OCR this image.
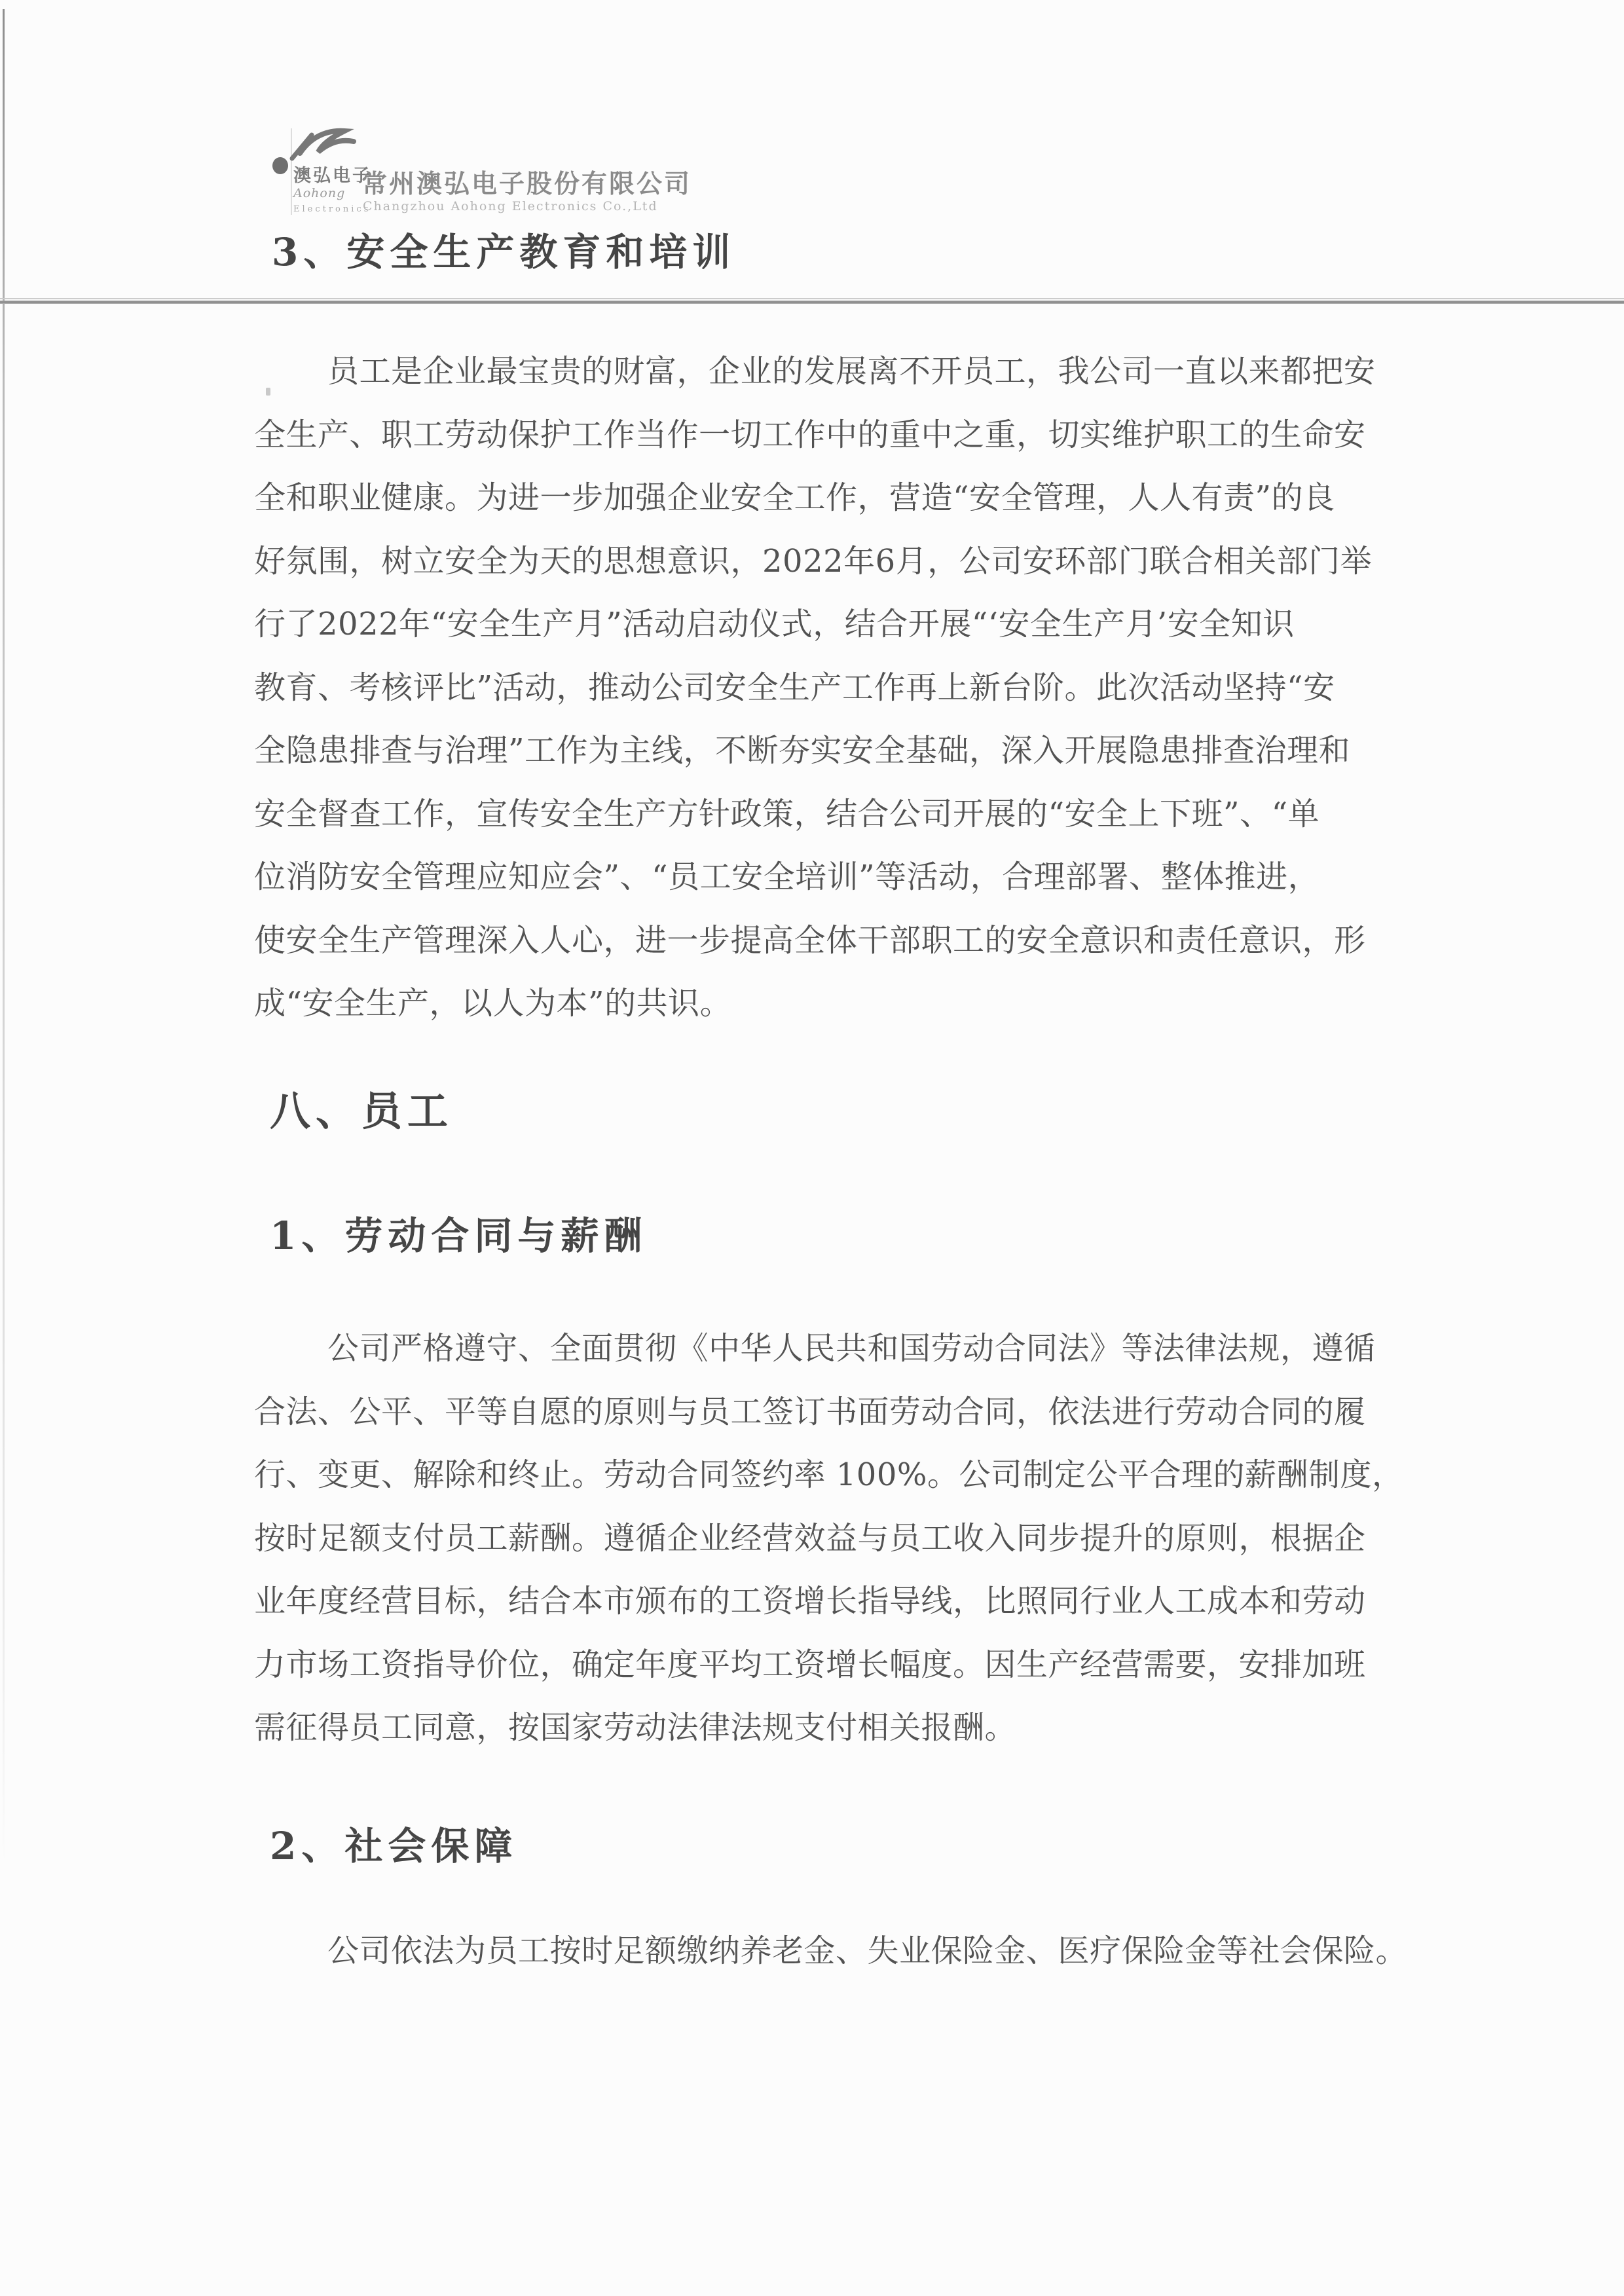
澳弘电子
Aohong
Electronics
常州澳弘电子股份有限公司
Changzhou Aohong Electronics Co.,Ltd
3、安全生产教育和培训
员工是企业最宝贵的财富，企业的发展离不开员工，我公司一直以来都把安
全生产、职工劳动保护工作当作一切工作中的重中之重，切实维护职工的生命安
全和职业健康。为进一步加强企业安全工作，营造“安全管理，人人有责”的良
好氛围，树立安全为天的思想意识，2022年6月，公司安环部门联合相关部门举
行了2022年“安全生产月”活动启动仪式，结合开展“‘安全生产月’安全知识
教育、考核评比”活动，推动公司安全生产工作再上新台阶。此次活动坚持“安
全隐患排查与治理”工作为主线，不断夯实安全基础，深入开展隐患排查治理和
安全督查工作，宣传安全生产方针政策，结合公司开展的“安全上下班”、“单
位消防安全管理应知应会”、“员工安全培训”等活动，合理部署、整体推进，
使安全生产管理深入人心，进一步提高全体干部职工的安全意识和责任意识，形
成“安全生产，以人为本”的共识。
八、员工
1、劳动合同与薪酬
公司严格遵守、全面贯彻《中华人民共和国劳动合同法》等法律法规，遵循
合法、公平、平等自愿的原则与员工签订书面劳动合同，依法进行劳动合同的履
行、变更、解除和终止。劳动合同签约率 100%。公司制定公平合理的薪酬制度，
按时足额支付员工薪酬。遵循企业经营效益与员工收入同步提升的原则，根据企
业年度经营目标，结合本市颁布的工资增长指导线，比照同行业人工成本和劳动
力市场工资指导价位，确定年度平均工资增长幅度。因生产经营需要，安排加班
需征得员工同意，按国家劳动法律法规支付相关报酬。
2、社会保障
公司依法为员工按时足额缴纳养老金、失业保险金、医疗保险金等社会保险。
